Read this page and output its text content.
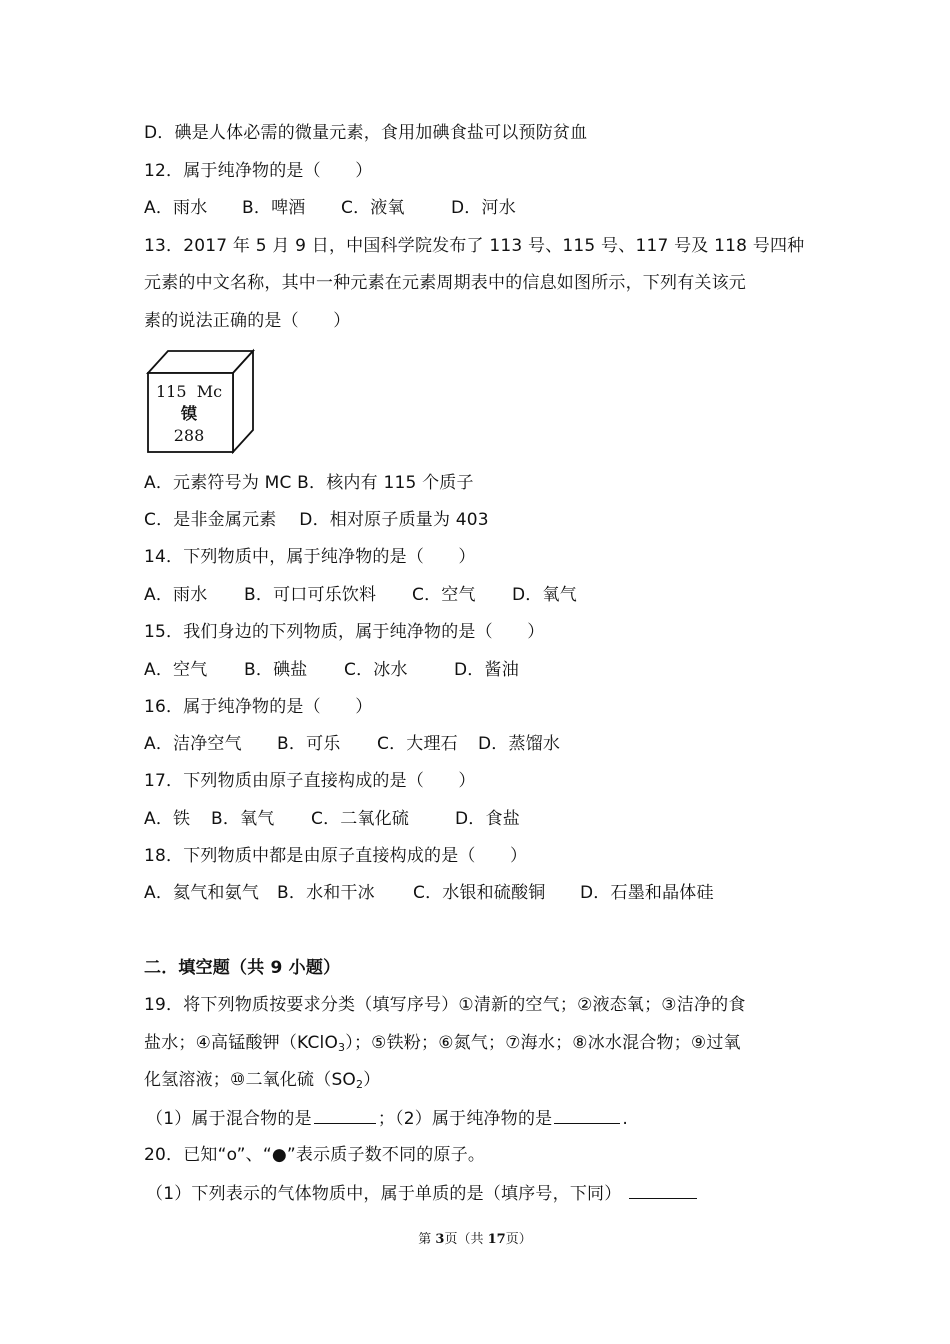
D．碘是人体必需的微量元素，食用加碘食盐可以预防贫血
12．属于纯净物的是（　　）
A．雨水 B．啤酒 C．液氧	D．河水
13．2017 年 5 月 9 日，中国科学院发布了 113 号、115 号、117 号及 118 号四种
元素的中文名称，其中一种元素在元素周期表中的信息如图所示，下列有关该元
素的说法正确的是（　　）
115 Mc
镆
288
A．元素符号为 MC B．核内有 115 个质子
C．是非金属元素　 D．相对原子质量为 403
14．下列物质中，属于纯净物的是（　　）
A．雨水 B．可口可乐饮料 C．空气 D．氧气
15．我们身边的下列物质，属于纯净物的是（　　）
A．空气 B．碘盐 C．冰水	D．酱油
16．属于纯净物的是（　　）
A．洁净空气 B．可乐 C．大理石 D．蒸馏水
17．下列物质由原子直接构成的是（　　）
A．铁 B．氧气 C．二氧化硫	D．食盐
18．下列物质中都是由原子直接构成的是（　　）
A．氦气和氨气 B．水和干冰 C．水银和硫酸铜 D．石墨和晶体硅
二．填空题（共 9 小题）
19．将下列物质按要求分类（填写序号）①清新的空气；②液态氧；③洁净的食
盐水；④高锰酸钾（KClO$_3$）；⑤铁粉；⑥氮气；⑦海水；⑧冰水混合物；⑨过氧
化氢溶液；⑩二氧化硫$(SO_2)$
（1）属于混合物的是	；（2）属于纯净物的是	.
20．已知“o”、“●”表示质子数不同的原子。
（1）下列表示的气体物质中，属于单质的是（填序号，下同）
第 3页（共 17页）
